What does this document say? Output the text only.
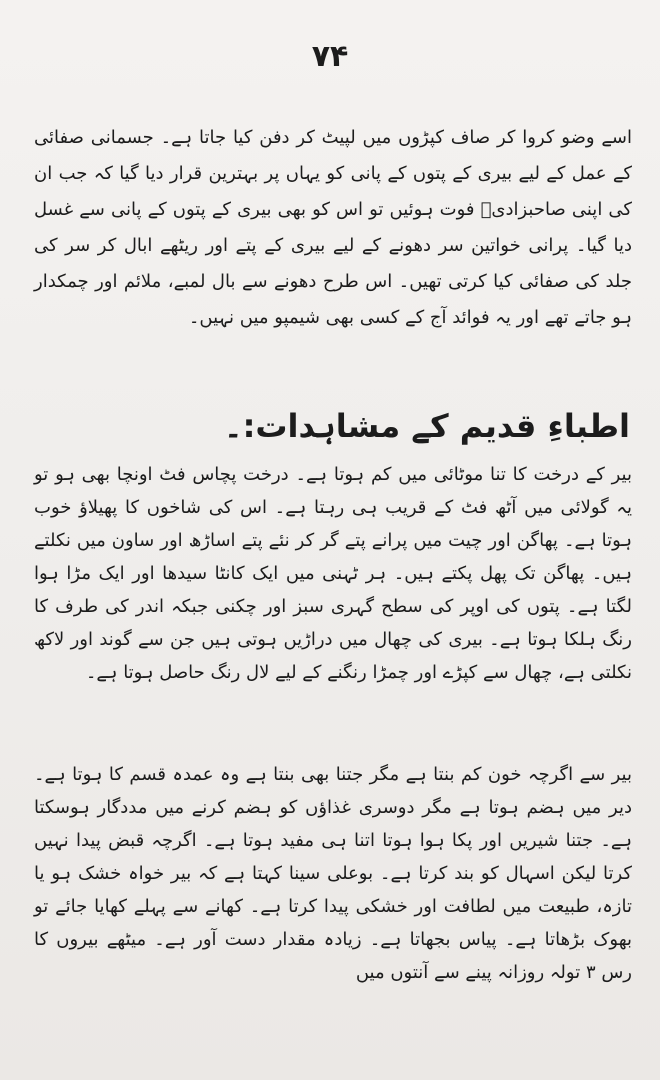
۷۴
اسے وضو کروا کر صاف کپڑوں میں لپیٹ کر دفن کیا جاتا ہے۔ جسمانی صفائی کے عمل کے لیے بیری کے پتوں کے پانی کو یہاں پر بہترین قرار دیا گیا کہ جب ان کی اپنی صاحبزادیؓ فوت ہوئیں تو اس کو بھی بیری کے پتوں کے پانی سے غسل دیا گیا۔ پرانی خواتین سر دھونے کے لیے بیری کے پتے اور ریٹھے ابال کر سر کی جلد کی صفائی کیا کرتی تھیں۔ اس طرح دھونے سے بال لمبے، ملائم اور چمکدار ہو جاتے تھے اور یہ فوائد آج کے کسی بھی شیمپو میں نہیں۔
اطباءِ قدیم کے مشاہدات:۔
بیر کے درخت کا تنا موٹائی میں کم ہوتا ہے۔ درخت پچاس فٹ اونچا بھی ہو تو یہ گولائی میں آٹھ فٹ کے قریب ہی رہتا ہے۔ اس کی شاخوں کا پھیلاؤ خوب ہوتا ہے۔ پھاگن اور چیت میں پرانے پتے گر کر نئے پتے اساڑھ اور ساون میں نکلتے ہیں۔ پھاگن تک پھل پکتے ہیں۔ ہر ٹہنی میں ایک کانٹا سیدھا اور ایک مڑا ہوا لگتا ہے۔ پتوں کی اوپر کی سطح گہری سبز اور چکنی جبکہ اندر کی طرف کا رنگ ہلکا ہوتا ہے۔ بیری کی چھال میں دراڑیں ہوتی ہیں جن سے گوند اور لاکھ نکلتی ہے، چھال سے کپڑے اور چمڑا رنگنے کے لیے لال رنگ حاصل ہوتا ہے۔
بیر سے اگرچہ خون کم بنتا ہے مگر جتنا بھی بنتا ہے وہ عمدہ قسم کا ہوتا ہے۔ دیر میں ہضم ہوتا ہے مگر دوسری غذاؤں کو ہضم کرنے میں مددگار ہوسکتا ہے۔ جتنا شیریں اور پکا ہوا ہوتا اتنا ہی مفید ہوتا ہے۔ اگرچہ قبض پیدا نہیں کرتا لیکن اسہال کو بند کرتا ہے۔ بوعلی سینا کہتا ہے کہ بیر خواہ خشک ہو یا تازہ، طبیعت میں لطافت اور خشکی پیدا کرتا ہے۔ کھانے سے پہلے کھایا جائے تو بھوک بڑھاتا ہے۔ پیاس بجھاتا ہے۔ زیادہ مقدار دست آور ہے۔ میٹھے بیروں کا رس ۳ تولہ روزانہ پینے سے آنتوں میں
